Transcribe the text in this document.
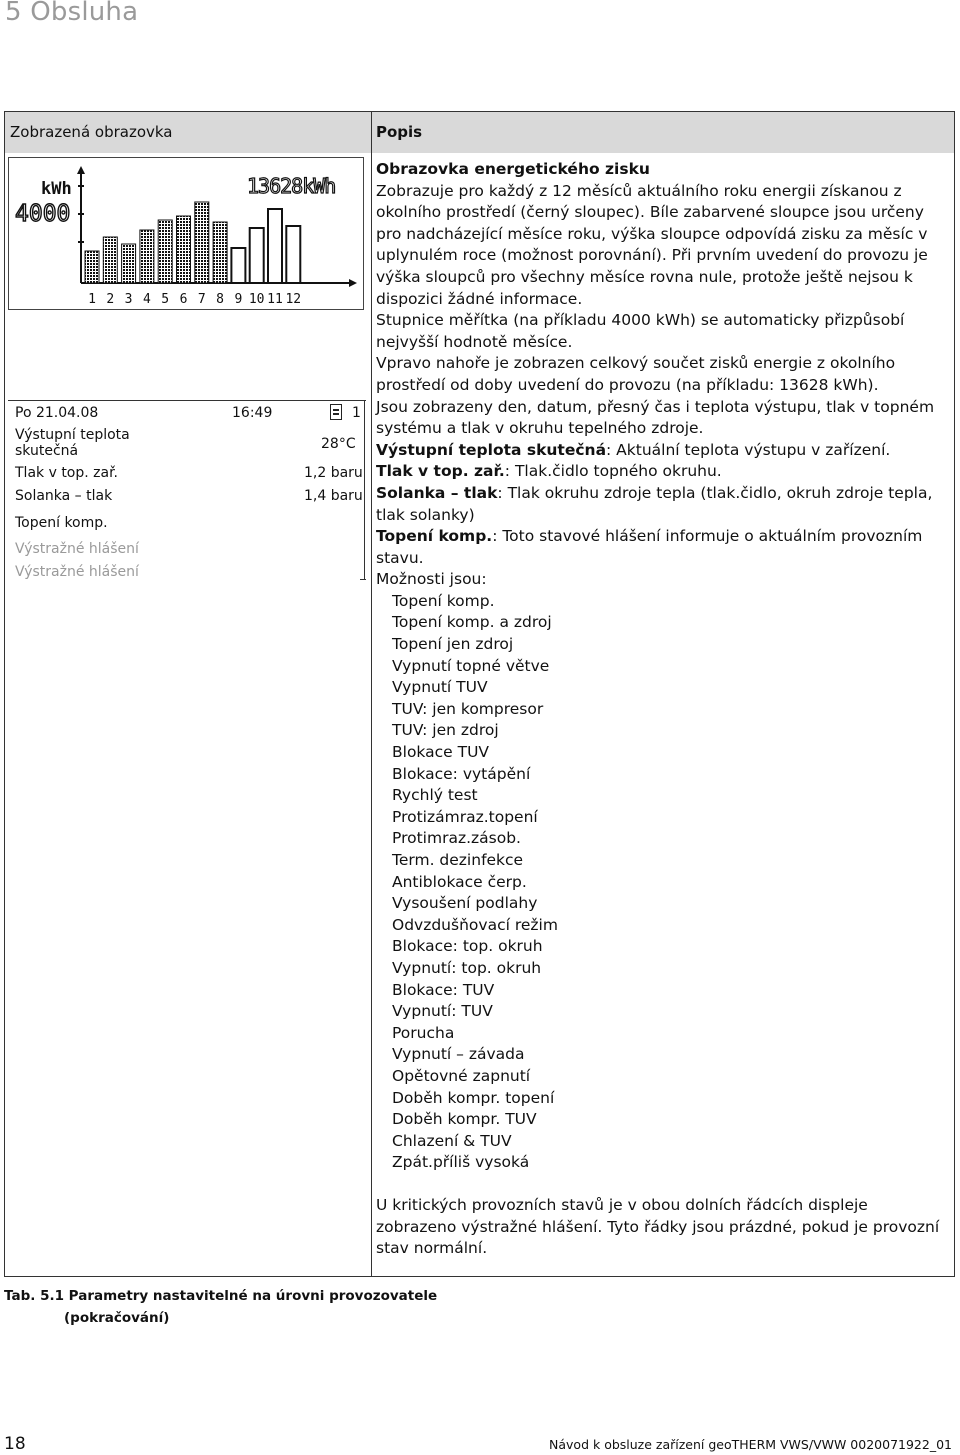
5 Obsluha
Zobrazená obrazovka	Popis
kWh
4000
13628kWh
1 2 3 4 5 6 7 8 9 10 11 12
Po 21.04.08	16:49	1
Výstupní teplota
skutečná	28°C
Tlak v top. zař.	1,2 baru
Solanka – tlak	1,4 baru
Topení komp.
Výstražné hlášení
Výstražné hlášení

Obrazovka energetického zisku

Zobrazuje pro každý z 12 měsíců aktuálního roku energii získanou z okolního prostředí (černý sloupec). Bíle zabarvené sloupce jsou určeny pro nadcházející měsíce roku, výška sloupce odpovídá zisku za měsíc v uplynulém roce (možnost porovnání). Při prvním uvedení do provozu je výška sloupců pro všechny měsíce rovna nule, protože ještě nejsou k dispozici žádné informace.

Stupnice měřítka (na příkladu 4000 kWh) se automaticky přizpůsobí nejvyšší hodnotě měsíce.

Vpravo nahoře je zobrazen celkový součet zisků energie z okolního prostředí od doby uvedení do provozu (na příkladu: 13628 kWh).

Jsou zobrazeny den, datum, přesný čas i teplota výstupu, tlak v topném systému a tlak v okruhu tepelného zdroje.

Výstupní teplota skutečná: Aktuální teplota výstupu v zařízení.

Tlak v top. zař.: Tlak.čidlo topného okruhu.

Solanka – tlak: Tlak okruhu zdroje tepla (tlak.čidlo, okruh zdroje tepla, tlak solanky)

Topení komp.: Toto stavové hlášení informuje o aktuálním provozním stavu.

Možnosti jsou:

Topení komp.

Topení komp. a zdroj

Topení jen zdroj

Vypnutí topné větve

Vypnutí TUV

TUV: jen kompresor

TUV: jen zdroj

Blokace TUV

Blokace: vytápění

Rychlý test

Protizámraz.topení

Protimraz.zásob.

Term. dezinfekce

Antiblokace čerp.

Vysoušení podlahy

Odvzdušňovací režim

Blokace: top. okruh

Vypnutí: top. okruh

Blokace: TUV

Vypnutí: TUV

Porucha

Vypnutí – závada

Opětovné zapnutí

Doběh kompr. topení

Doběh kompr. TUV

Chlazení & TUV

Zpát.příliš vysoká

U kritických provozních stavů je v obou dolních řádcích displeje zobrazeno výstražné hlášení. Tyto řádky jsou prázdné, pokud je provozní stav normální.

Tab. 5.1 Parametry nastavitelné na úrovni provozovatele
(pokračování)
18	Návod k obsluze zařízení geoTHERM VWS/VWW 0020071922_01
